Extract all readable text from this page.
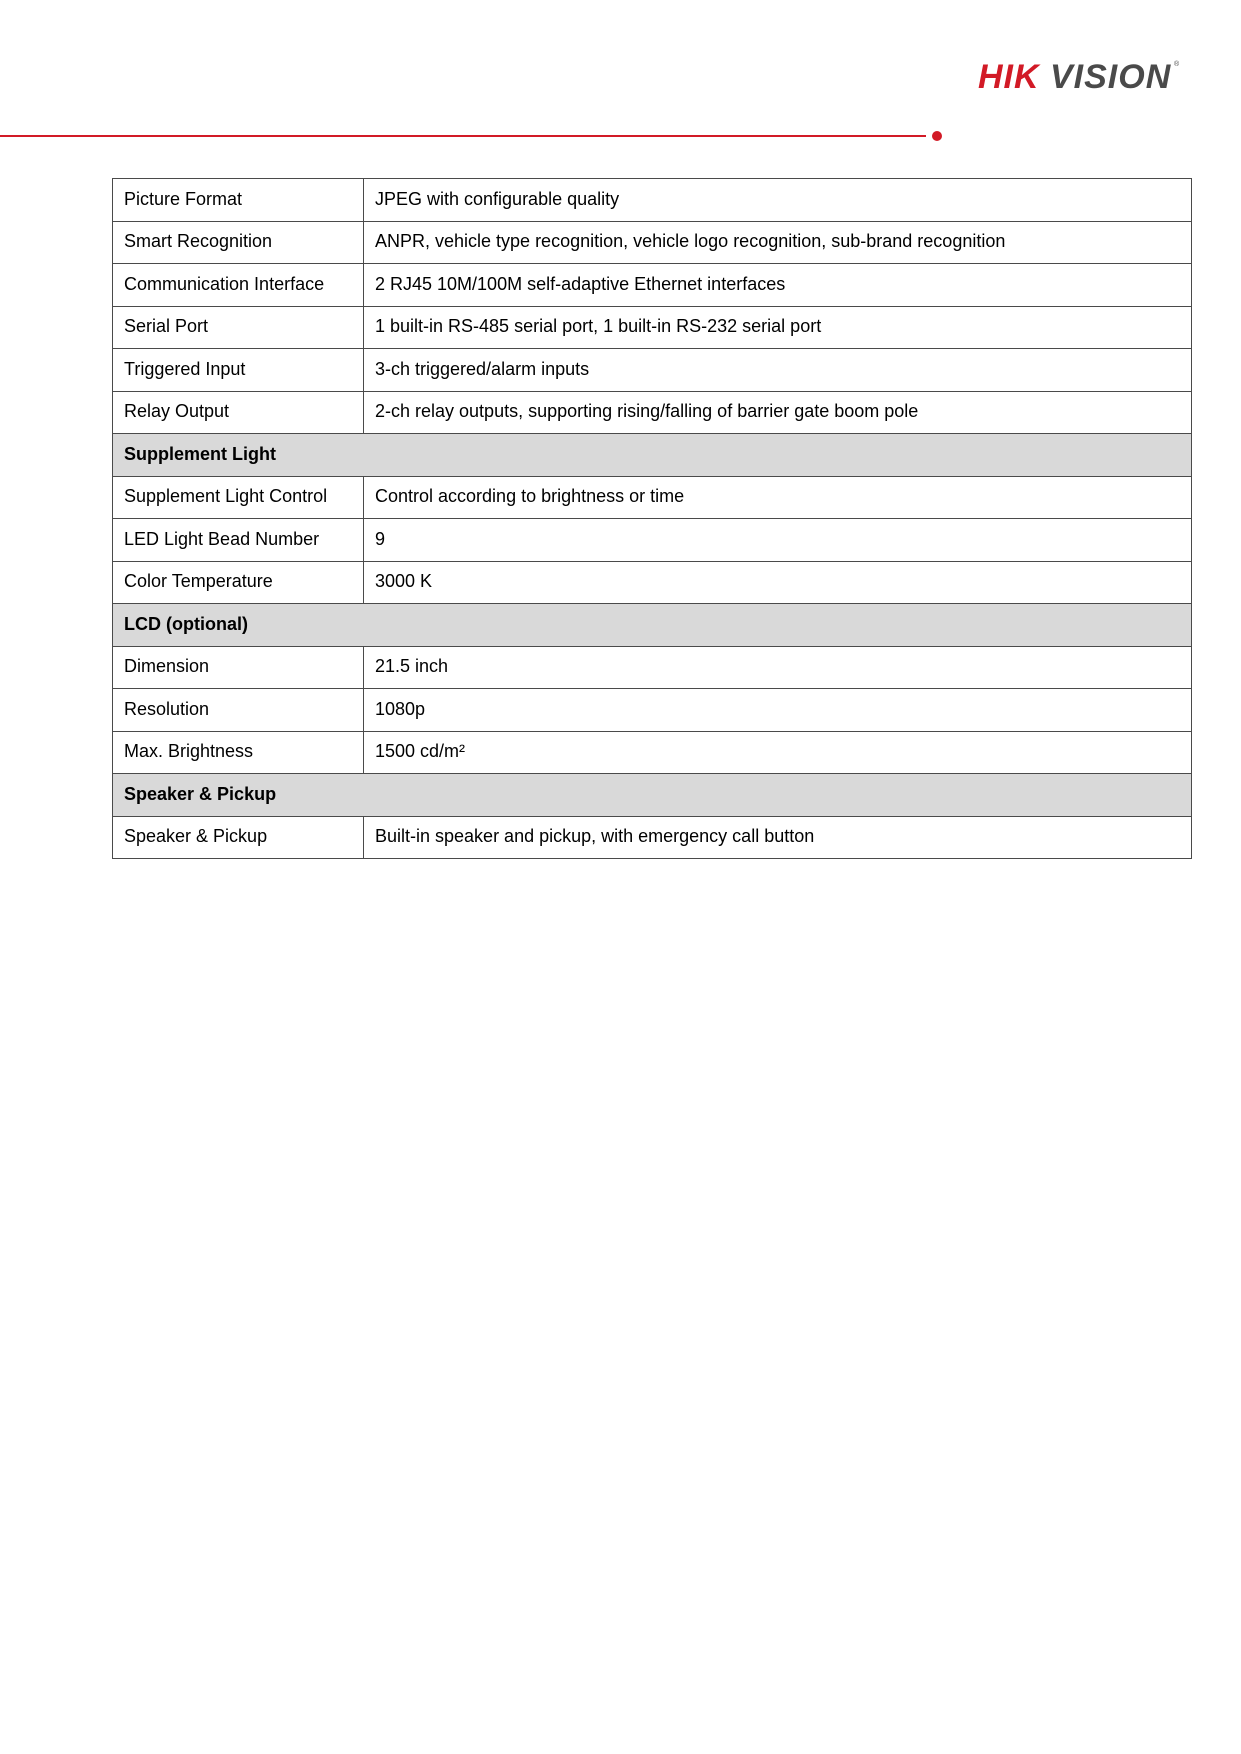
HIK VISION ®
Picture Format	JPEG with configurable quality
Smart Recognition	ANPR, vehicle type recognition, vehicle logo recognition, sub-brand recognition
Communication Interface	2 RJ45 10M/100M self-adaptive Ethernet interfaces
Serial Port	1 built-in RS-485 serial port, 1 built-in RS-232 serial port
Triggered Input	3-ch triggered/alarm inputs
Relay Output	2-ch relay outputs, supporting rising/falling of barrier gate boom pole
Supplement Light	
Supplement Light Control	Control according to brightness or time
LED Light Bead Number	9
Color Temperature	3000 K
LCD (optional)	
Dimension	21.5 inch
Resolution	1080p
Max. Brightness	1500 cd/m²
Speaker & Pickup	
Speaker & Pickup	Built-in speaker and pickup, with emergency call button
